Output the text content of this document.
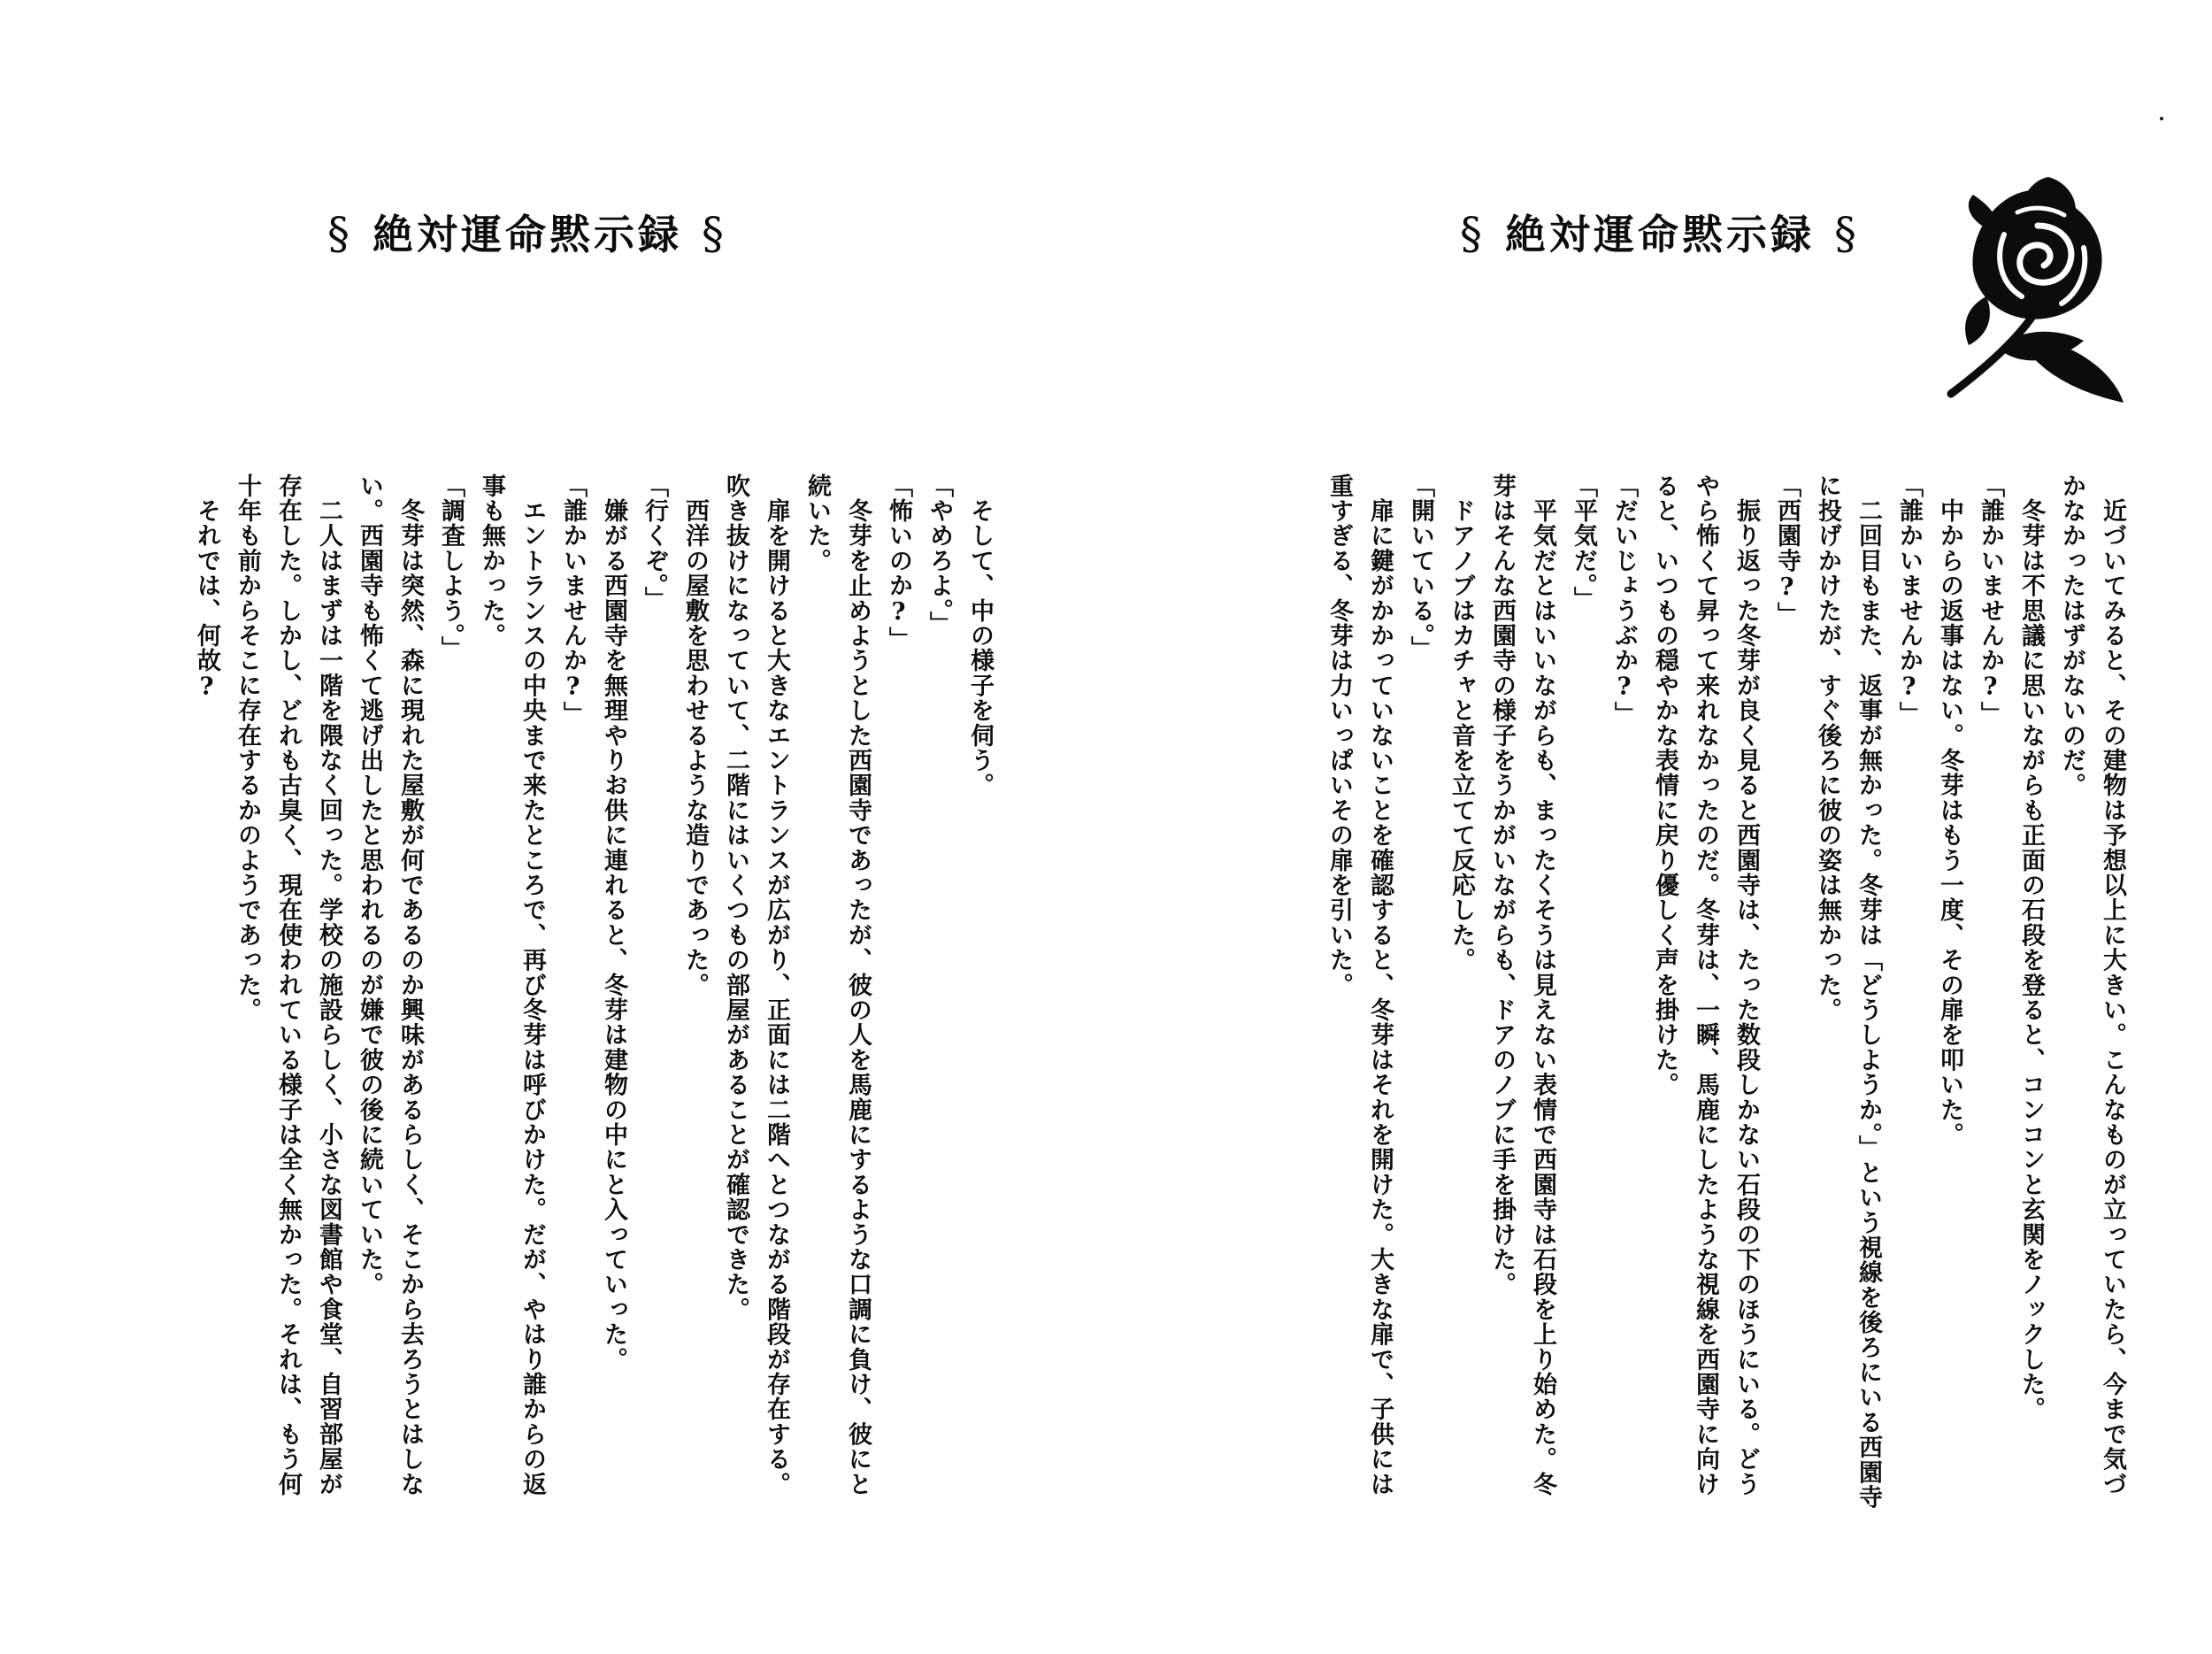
§ 絶対運命黙示録 §

　そして、中の様子を伺う。

「やめろよ。」

「怖いのか?」

　冬芽を止めようとした西園寺であったが、彼の人を馬鹿にするような口調に負け、彼にと続いた。

　扉を開けると大きなエントランスが広がり、正面には二階へとつながる階段が存在する。吹き抜けになっていて、二階にはいくつもの部屋があることが確認できた。

　西洋の屋敷を思わせるような造りであった。

「行くぞ。」

　嫌がる西園寺を無理やりお供に連れると、冬芽は建物の中にと入っていった。

「誰かいませんか?」

　エントランスの中央まで来たところで、再び冬芽は呼びかけた。だが、やはり誰からの返事も無かった。

「調査しよう。」

　冬芽は突然、森に現れた屋敷が何であるのか興味があるらしく、そこから去ろうとはしない。西園寺も怖くて逃げ出したと思われるのが嫌で彼の後に続いていた。

　二人はまずは一階を隈なく回った。学校の施設らしく、小さな図書館や食堂、自習部屋が存在した。しかし、どれも古臭く、現在使われている様子は全く無かった。それは、もう何十年も前からそこに存在するかのようであった。

　それでは、何故?

§ 絶対運命黙示録 §

　近づいてみると、その建物は予想以上に大きい。こんなものが立っていたら、今まで気づかなかったはずがないのだ。

　冬芽は不思議に思いながらも正面の石段を登ると、コンコンと玄関をノックした。

「誰かいませんか?」

　中からの返事はない。冬芽はもう一度、その扉を叩いた。

「誰かいませんか?」

　二回目もまた、返事が無かった。冬芽は「どうしようか。」という視線を後ろにいる西園寺に投げかけたが、すぐ後ろに彼の姿は無かった。

「西園寺?」

　振り返った冬芽が良く見ると西園寺は、たった数段しかない石段の下のほうにいる。どうやら怖くて昇って来れなかったのだ。冬芽は、一瞬、馬鹿にしたような視線を西園寺に向けると、いつもの穏やかな表情に戻り優しく声を掛けた。

「だいじょうぶか?」

「平気だ。」

　平気だとはいいながらも、まったくそうは見えない表情で西園寺は石段を上り始めた。冬芽はそんな西園寺の様子をうかがいながらも、ドアのノブに手を掛けた。

　ドアノブはカチャと音を立てて反応した。

「開いている。」

　扉に鍵がかかっていないことを確認すると、冬芽はそれを開けた。大きな扉で、子供には重すぎる、冬芽は力いっぱいその扉を引いた。
